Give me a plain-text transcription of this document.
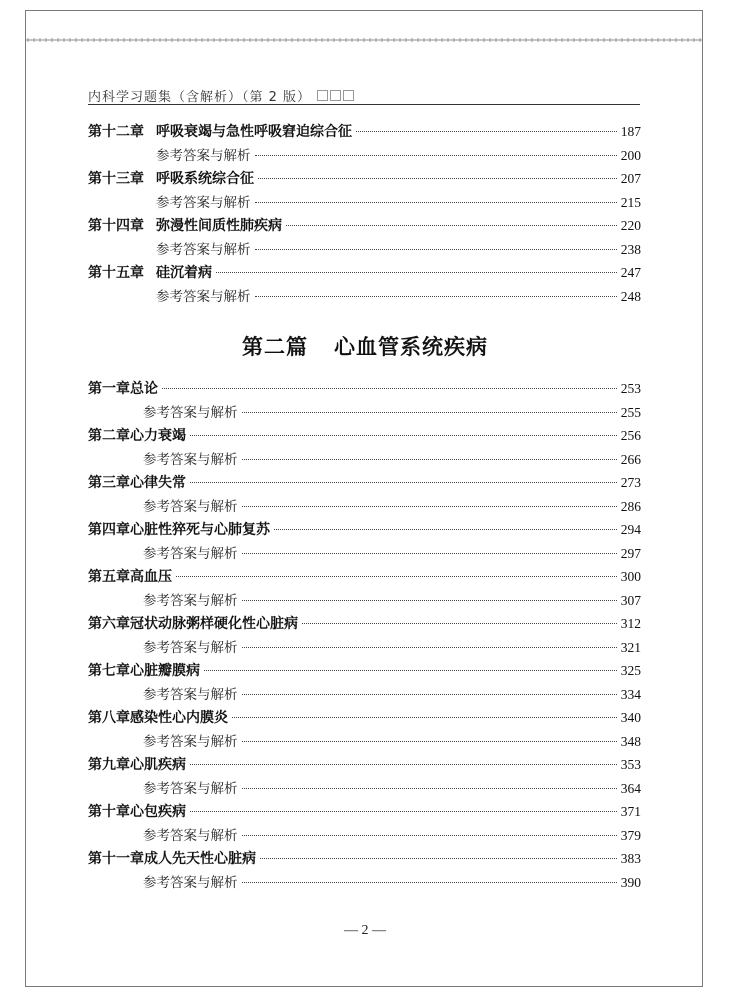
内科学习题集（含解析）（第 2 版）
第十二章 呼吸衰竭与急性呼吸窘迫综合征	187
参考答案与解析	200
第十三章 呼吸系统综合征	207
参考答案与解析	215
第十四章 弥漫性间质性肺疾病	220
参考答案与解析	238
第十五章 硅沉着病	247
参考答案与解析	248
第二篇 心血管系统疾病
第一章 总论	253
参考答案与解析	255
第二章 心力衰竭	256
参考答案与解析	266
第三章 心律失常	273
参考答案与解析	286
第四章 心脏性猝死与心肺复苏	294
参考答案与解析	297
第五章 高血压	300
参考答案与解析	307
第六章 冠状动脉粥样硬化性心脏病	312
参考答案与解析	321
第七章 心脏瓣膜病	325
参考答案与解析	334
第八章 感染性心内膜炎	340
参考答案与解析	348
第九章 心肌疾病	353
参考答案与解析	364
第十章 心包疾病	371
参考答案与解析	379
第十一章 成人先天性心脏病	383
参考答案与解析	390
— 2 —
